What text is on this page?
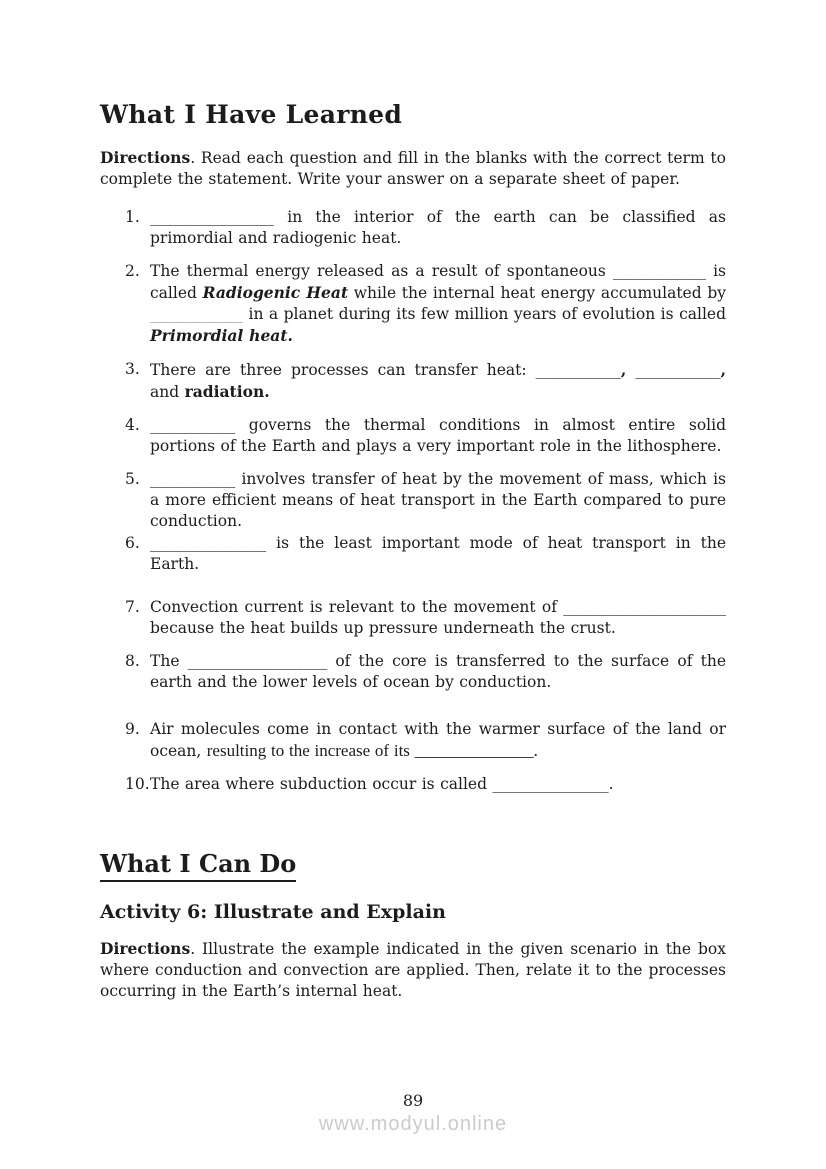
What I Have Learned

Directions. Read each question and fill in the blanks with the correct term to complete the statement. Write your answer on a separate sheet of paper.

1. ________________ in the interior of the earth can be classified as primordial and radiogenic heat.

2. The thermal energy released as a result of spontaneous ____________ is called Radiogenic Heat while the internal heat energy accumulated by ____________ in a planet during its few million years of evolution is called Primordial heat.

3. There are three processes can transfer heat: ___________, ___________, and radiation.

4. ___________ governs the thermal conditions in almost entire solid portions of the Earth and plays a very important role in the lithosphere.

5. ___________ involves transfer of heat by the movement of mass, which is a more efficient means of heat transport in the Earth compared to pure conduction.

6. _______________ is the least important mode of heat transport in the Earth.

7. Convection current is relevant to the movement of _____________________ because the heat builds up pressure underneath the crust.

8. The __________________ of the core is transferred to the surface of the earth and the lower levels of ocean by conduction.

9. Air molecules come in contact with the warmer surface of the land or ocean, resulting to the increase of its ______________.

10. The area where subduction occur is called _______________.

What I Can Do
Activity 6: Illustrate and Explain

Directions. Illustrate the example indicated in the given scenario in the box where conduction and convection are applied. Then, relate it to the processes occurring in the Earth’s internal heat.

89
www.modyul.online
